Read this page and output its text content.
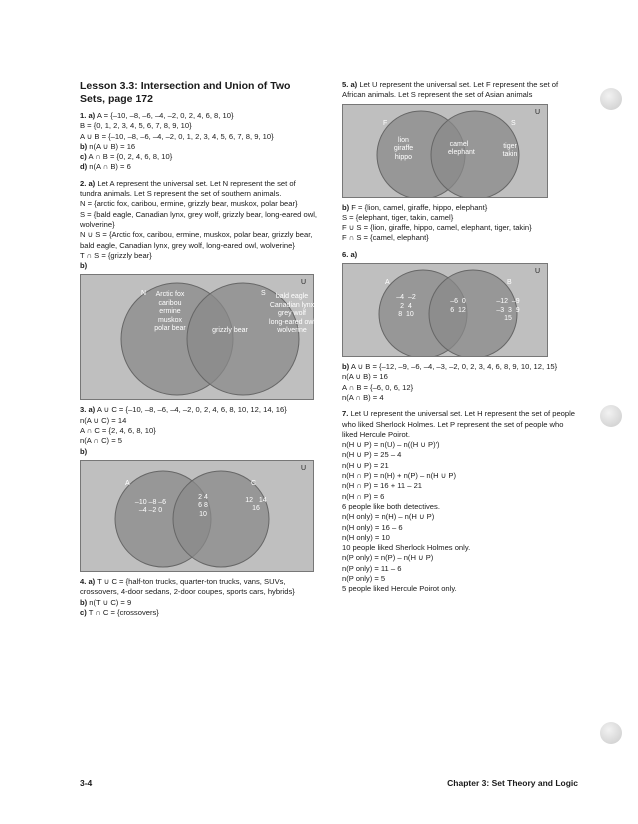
Lesson 3.3: Intersection and Union of Two Sets, page 172

1. a) A = {–10, –8, –6, –4, –2, 0, 2, 4, 6, 8, 10}

B = {0, 1, 2, 3, 4, 5, 6, 7, 8, 9, 10}

A ∪ B = {–10, –8, –6, –4, –2, 0, 1, 2, 3, 4, 5, 6, 7, 8, 9, 10}

b) n(A ∪ B) = 16

c) A ∩ B = {0, 2, 4, 6, 8, 10}

d) n(A ∩ B) = 6

2. a) Let A represent the universal set. Let N represent the set of tundra animals. Let S represent the set of southern animals.

N = {arctic fox, caribou, ermine, grizzly bear, muskox, polar bear}

S = {bald eagle, Canadian lynx, grey wolf, grizzly bear, long-eared owl, wolverine}

N ∪ S = {Arctic fox, caribou, ermine, muskox, polar bear, grizzly bear, bald eagle, Canadian lynx, grey wolf, long-eared owl, wolverine}

T ∩ S = {grizzly bear}

b)

U
N	S
Arctic fox
caribou
ermine
muskox
polar bear	grizzly bear
bald eagle
Canadian lynx
grey wolf
long-eared owl
wolverine

3. a) A ∪ C = {–10, –8, –6, –4, –2, 0, 2, 4, 6, 8, 10, 12, 14, 16}

n(A ∪ C) = 14

A ∩ C = {2, 4, 6, 8, 10}

n(A ∩ C) = 5

b)

U
A	C
–10 –8 –6
–4 –2 0
2 4
6 8
10
12   14
16

4. a) T ∪ C = {half-ton trucks, quarter-ton trucks, vans, SUVs, crossovers, 4-door sedans, 2-door coupes, sports cars, hybrids}

b) n(T ∪ C) = 9

c) T ∩ C = {crossovers}

5. a) Let U represent the universal set. Let F represent the set of African animals. Let S represent the set of Asian animals

U
F	S
lion
giraffe
hippo
camel
elephant
tiger
takin

b) F = {lion, camel, giraffe, hippo, elephant}

S = {elephant, tiger, takin, camel}

F ∪ S = {lion, giraffe, hippo, camel, elephant, tiger, takin}

F ∩ S = {camel, elephant}

6. a)

U
A	B
–4  –2
2  4
8  10
–6  0
6  12
–12  –9
–3  3  9
15

b) A ∪ B = {–12, –9, –6, –4, –3, –2, 0, 2, 3, 4, 6, 8, 9, 10, 12, 15}

n(A ∪ B) = 16

A ∩ B = {–6, 0, 6, 12}

n(A ∩ B) = 4

7. Let U represent the universal set. Let H represent the set of people who liked Sherlock Holmes. Let P represent the set of people who liked Hercule Poirot.

n(H ∪ P) = n(U) – n((H ∪ P)′)

n(H ∪ P) = 25 – 4

n(H ∪ P) = 21

n(H ∩ P) = n(H) + n(P) – n(H ∪ P)

n(H ∩ P) = 16 + 11 – 21

n(H ∩ P) = 6

6 people like both detectives.

n(H only) = n(H) – n(H ∪ P)

n(H only) = 16 – 6

n(H only) = 10

10 people liked Sherlock Holmes only.

n(P only) = n(P) – n(H ∪ P)

n(P only) = 11 – 6

n(P only) = 5

5 people liked Hercule Poirot only.

3-4	Chapter 3: Set Theory and Logic
